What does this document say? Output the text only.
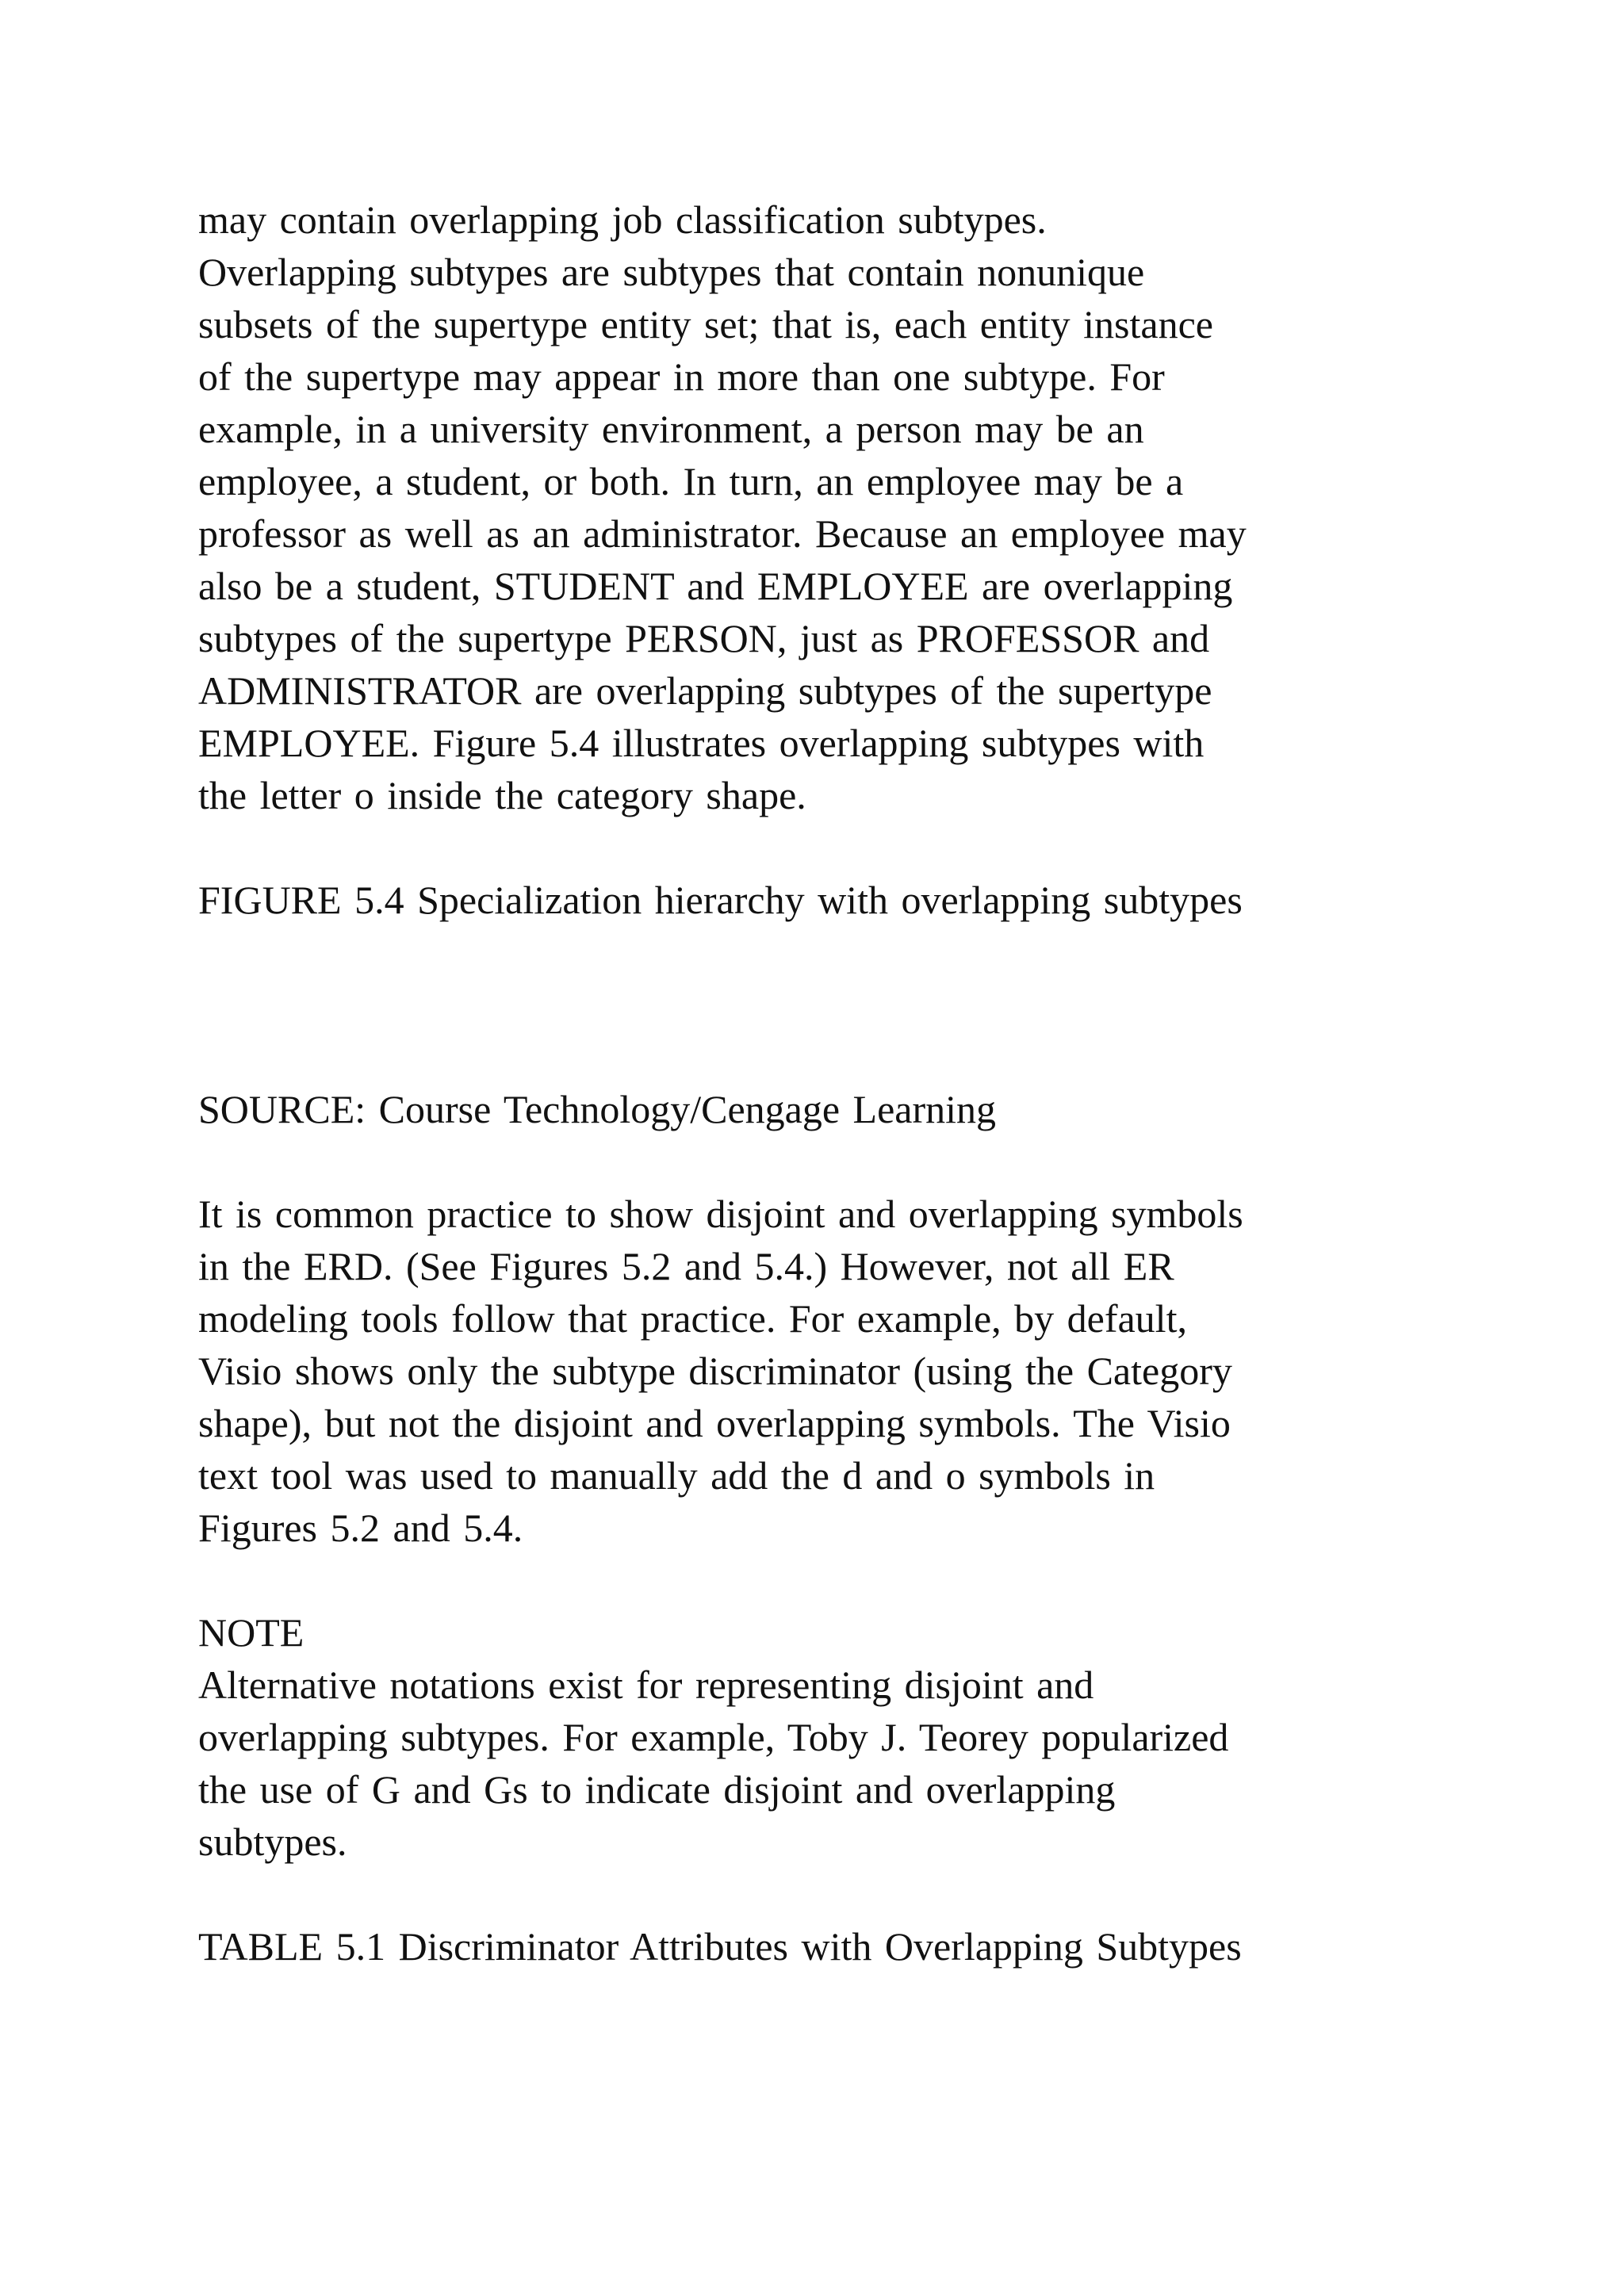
may contain overlapping job classification subtypes.
Overlapping subtypes are subtypes that contain nonunique
subsets of the supertype entity set; that is, each entity instance
of the supertype may appear in more than one subtype. For
example, in a university environment, a person may be an
employee, a student, or both. In turn, an employee may be a
professor as well as an administrator. Because an employee may
also be a student, STUDENT and EMPLOYEE are overlapping
subtypes of the supertype PERSON, just as PROFESSOR and
ADMINISTRATOR are overlapping subtypes of the supertype
EMPLOYEE. Figure 5.4 illustrates overlapping subtypes with
the letter o inside the category shape.
FIGURE 5.4 Specialization hierarchy with overlapping subtypes
SOURCE: Course Technology/Cengage Learning
It is common practice to show disjoint and overlapping symbols
in the ERD. (See Figures 5.2 and 5.4.) However, not all ER
modeling tools follow that practice. For example, by default,
Visio shows only the subtype discriminator (using the Category
shape), but not the disjoint and overlapping symbols. The Visio
text tool was used to manually add the d and o symbols in
Figures 5.2 and 5.4.
NOTE
Alternative notations exist for representing disjoint and
overlapping subtypes. For example, Toby J. Teorey popularized
the use of G and Gs to indicate disjoint and overlapping
subtypes.
TABLE 5.1 Discriminator Attributes with Overlapping Subtypes
